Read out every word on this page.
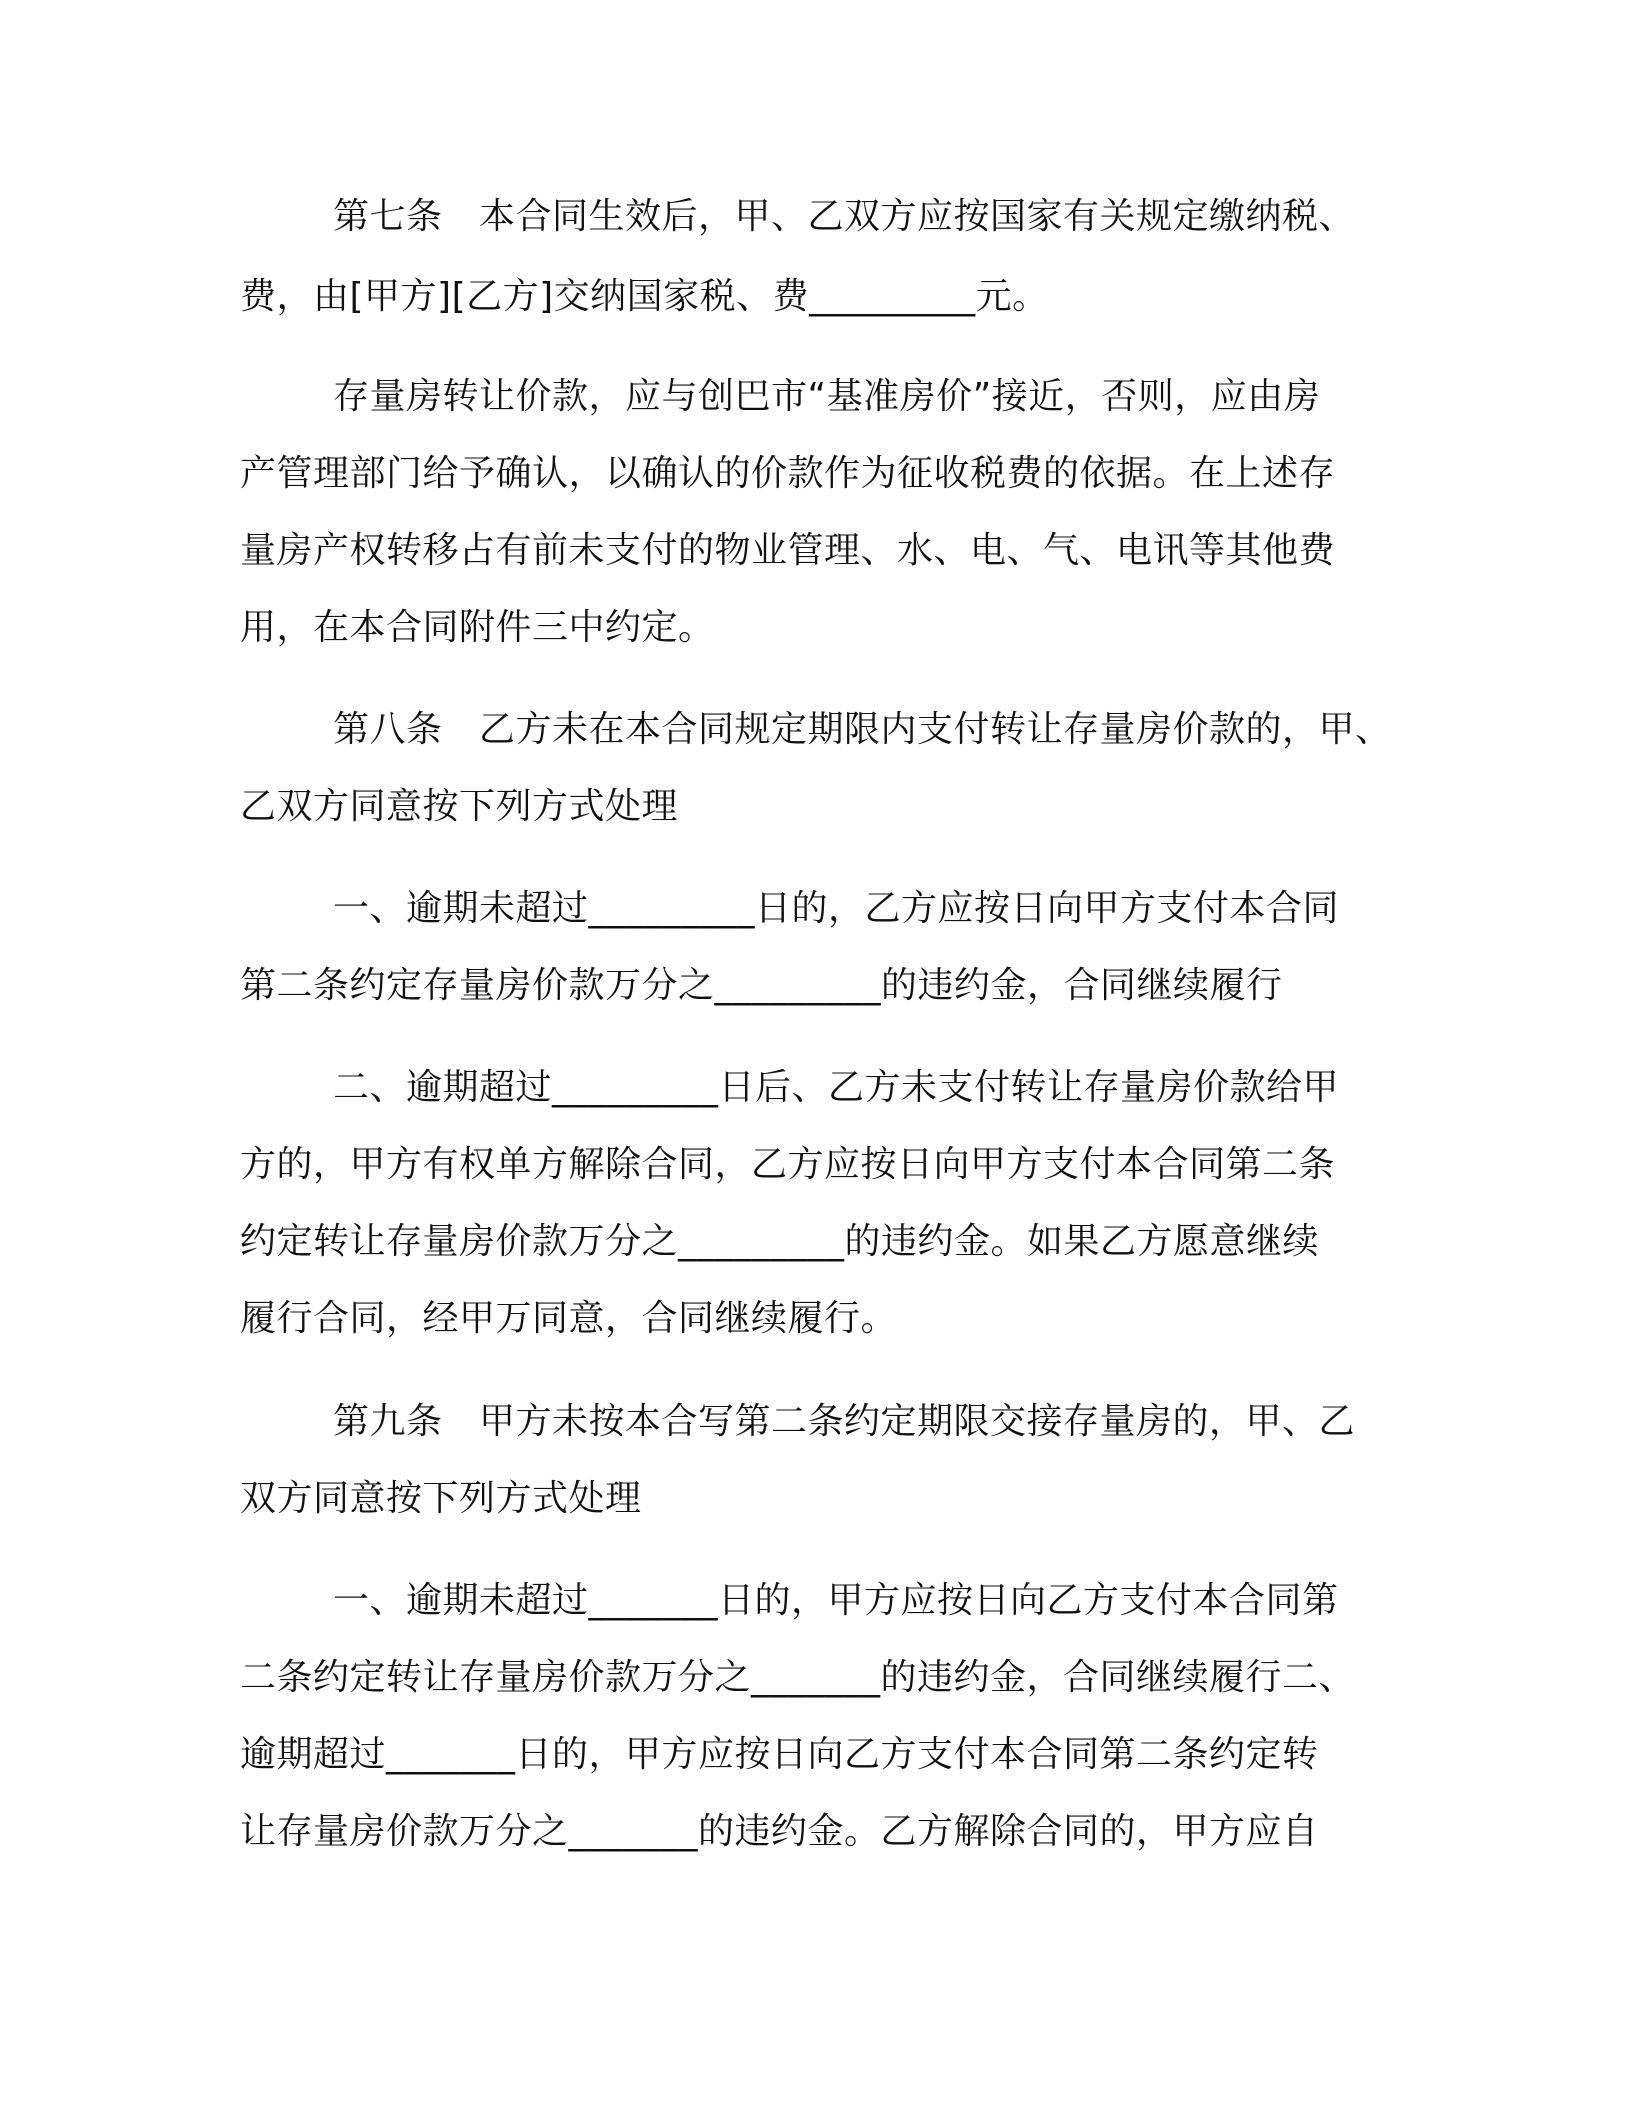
第七条　本合同生效后，甲、乙双方应按国家有关规定缴纳税、

费，由[甲方][乙方]交纳国家税、费_________元。

存量房转让价款，应与创巴市“基准房价”接近，否则，应由房

产管理部门给予确认，以确认的价款作为征收税费的依据。在上述存

量房产权转移占有前未支付的物业管理、水、电、气、电讯等其他费

用，在本合同附件三中约定。

第八条　乙方未在本合同规定期限内支付转让存量房价款的，甲、

乙双方同意按下列方式处理

一、逾期未超过_________日的，乙方应按日向甲方支付本合同

第二条约定存量房价款万分之_________的违约金，合同继续履行

二、逾期超过_________日后、乙方未支付转让存量房价款给甲

方的，甲方有权单方解除合同，乙方应按日向甲方支付本合同第二条

约定转让存量房价款万分之_________的违约金。如果乙方愿意继续

履行合同，经甲万同意，合同继续履行。

第九条　甲方未按本合写第二条约定期限交接存量房的，甲、乙

双方同意按下列方式处理

一、逾期未超过_______日的，甲方应按日向乙方支付本合同第

二条约定转让存量房价款万分之_______的违约金，合同继续履行二、

逾期超过_______日的，甲方应按日向乙方支付本合同第二条约定转

让存量房价款万分之_______的违约金。乙方解除合同的，甲方应自
